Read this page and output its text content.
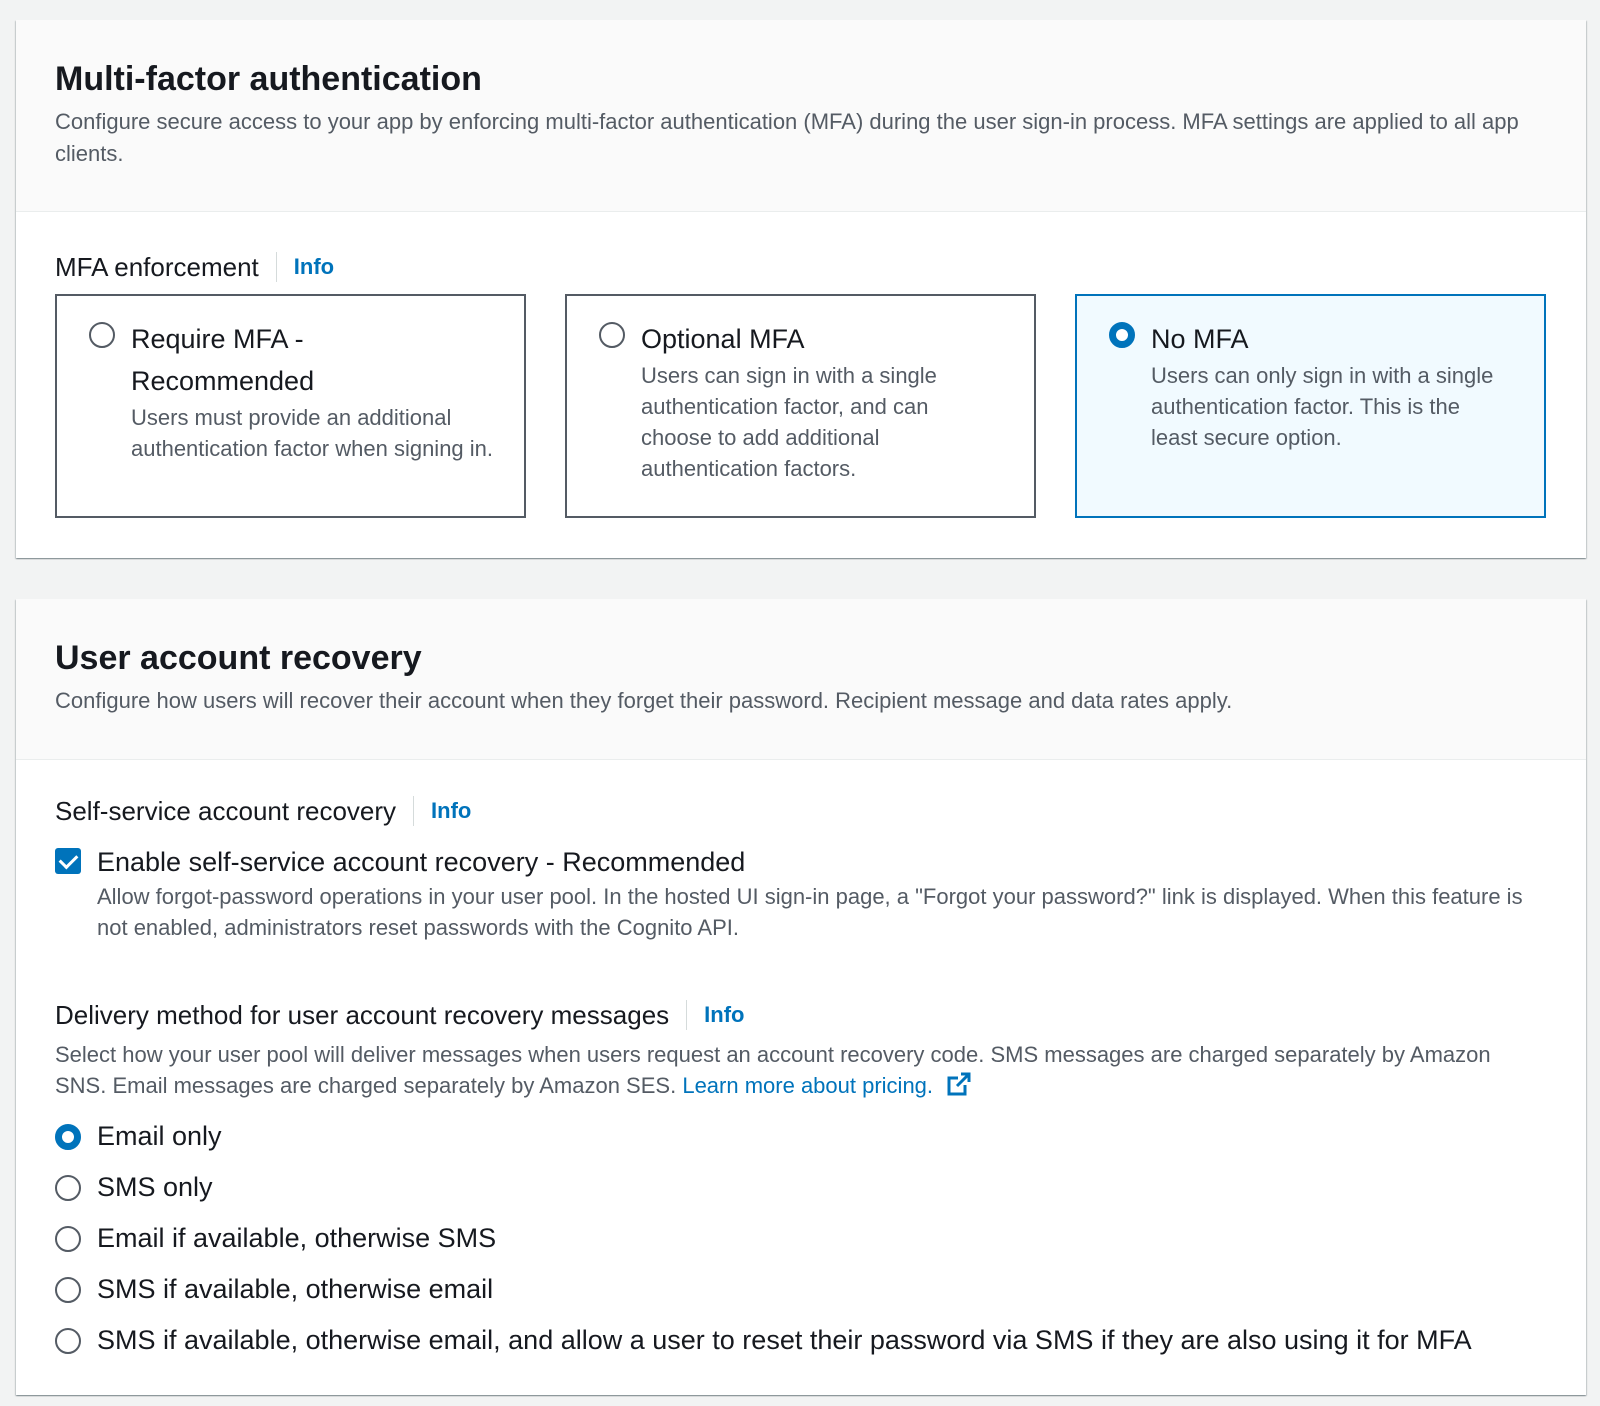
Multi-factor authentication
Configure secure access to your app by enforcing multi-factor authentication (MFA) during the user sign-in process. MFA settings are applied to all app clients.
MFA enforcement	Info
Require MFA - Recommended
Users must provide an additional authentication factor when signing in.
Optional MFA
Users can sign in with a single authentication factor, and can choose to add additional authentication factors.
No MFA
Users can only sign in with a single authentication factor. This is the least secure option.
User account recovery
Configure how users will recover their account when they forget their password. Recipient message and data rates apply.
Self-service account recovery	Info
Enable self-service account recovery - Recommended
Allow forgot-password operations in your user pool. In the hosted UI sign-in page, a "Forgot your password?" link is displayed. When this feature is not enabled, administrators reset passwords with the Cognito API.
Delivery method for user account recovery messages	Info
Select how your user pool will deliver messages when users request an account recovery code. SMS messages are charged separately by Amazon SNS. Email messages are charged separately by Amazon SES. Learn more about pricing.
Email only
SMS only
Email if available, otherwise SMS
SMS if available, otherwise email
SMS if available, otherwise email, and allow a user to reset their password via SMS if they are also using it for MFA
